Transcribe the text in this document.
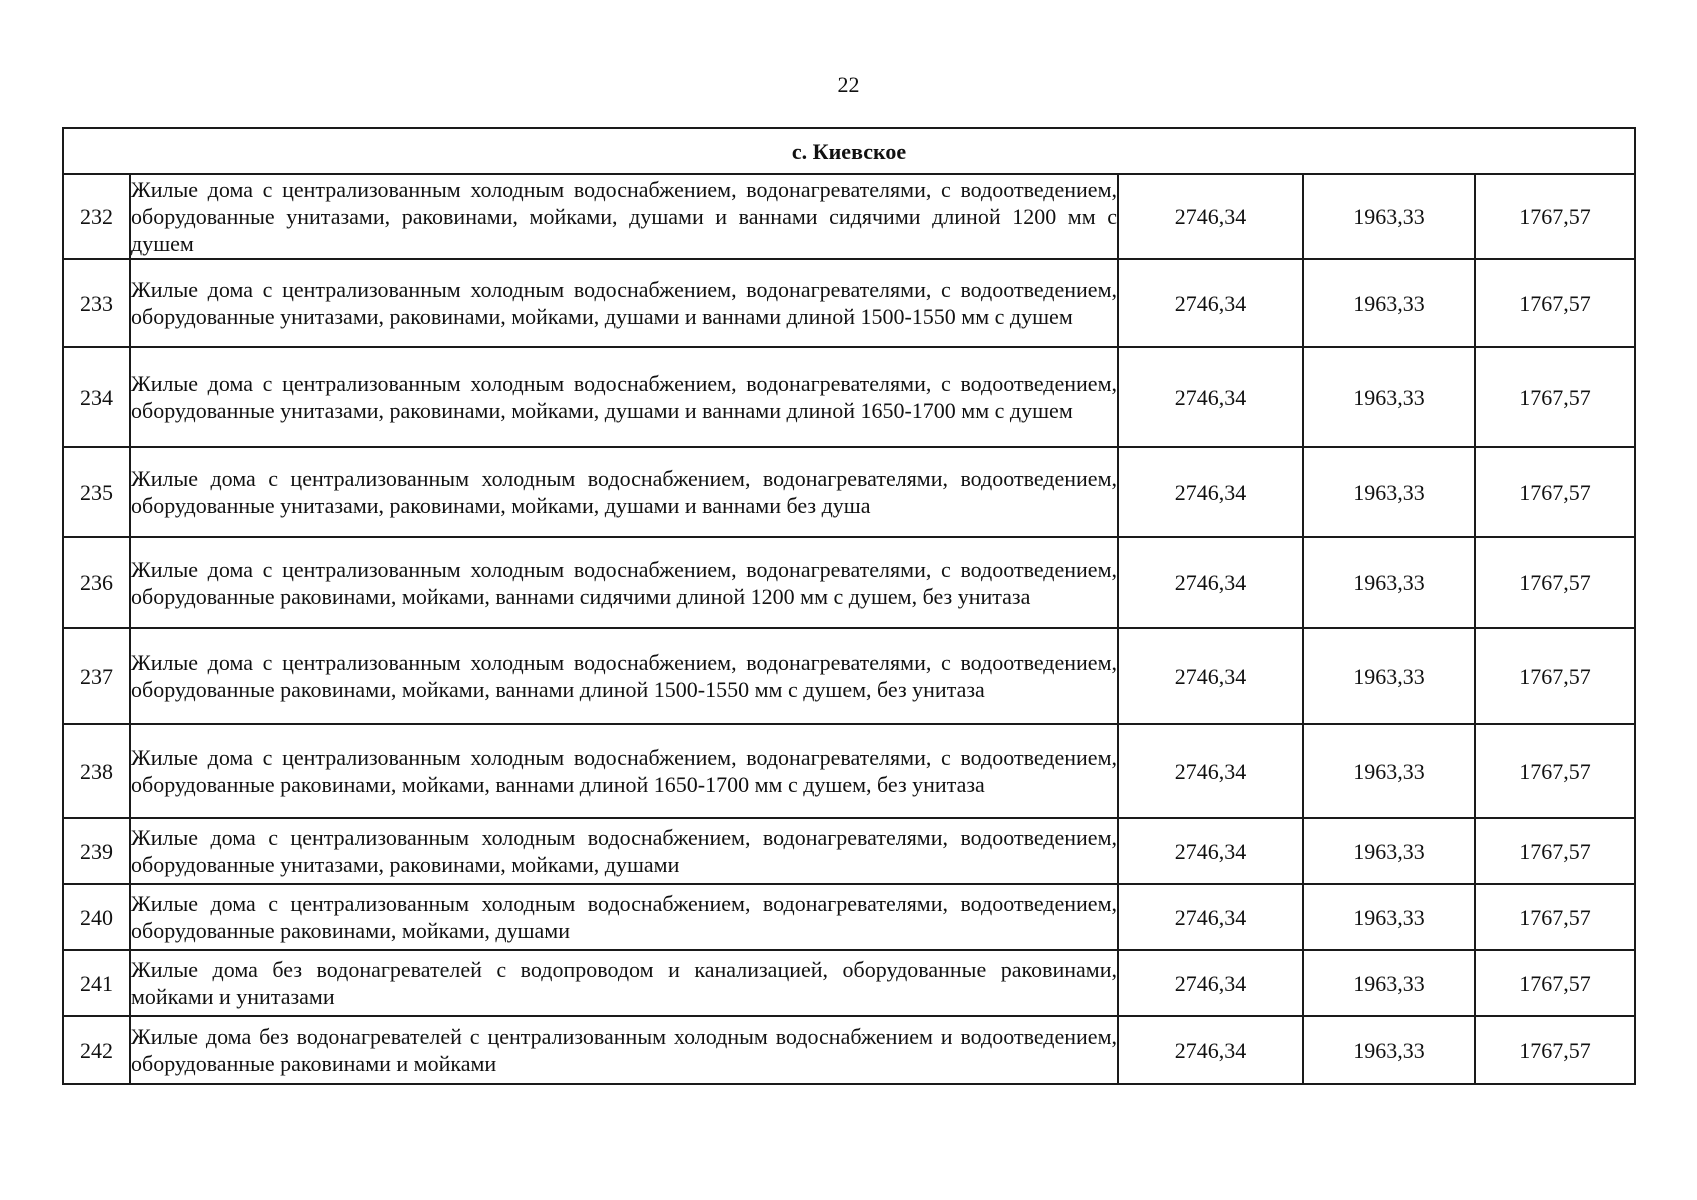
22
с. Киевское				
232	Жилые дома с централизованным холодным водоснабжением, водонагревателями, с водоотведением, оборудованные унитазами, раковинами, мойками, душами и ваннами сидячими длиной 1200 мм с душем	2746,34	1963,33	1767,57
233	Жилые дома с централизованным холодным водоснабжением, водонагревателями, с водоотведением, оборудованные унитазами, раковинами, мойками, душами и ваннами длиной 1500-1550 мм с душем	2746,34	1963,33	1767,57
234	Жилые дома с централизованным холодным водоснабжением, водонагревателями, с водоотведением, оборудованные унитазами, раковинами, мойками, душами и ваннами длиной 1650-1700 мм с душем	2746,34	1963,33	1767,57
235	Жилые дома с централизованным холодным водоснабжением, водонагревателями, водоотведением, оборудованные унитазами, раковинами, мойками, душами и ваннами без душа	2746,34	1963,33	1767,57
236	Жилые дома с централизованным холодным водоснабжением, водонагревателями, с водоотведением, оборудованные раковинами, мойками, ваннами сидячими длиной 1200 мм с душем, без унитаза	2746,34	1963,33	1767,57
237	Жилые дома с централизованным холодным водоснабжением, водонагревателями, с водоотведением, оборудованные раковинами, мойками, ваннами длиной 1500-1550 мм с душем, без унитаза	2746,34	1963,33	1767,57
238	Жилые дома с централизованным холодным водоснабжением, водонагревателями, с водоотведением, оборудованные раковинами, мойками, ваннами длиной 1650-1700 мм с душем, без унитаза	2746,34	1963,33	1767,57
239	Жилые дома с централизованным холодным водоснабжением, водонагревателями, водоотведением, оборудованные унитазами, раковинами, мойками, душами	2746,34	1963,33	1767,57
240	Жилые дома с централизованным холодным водоснабжением, водонагревателями, водоотведением, оборудованные раковинами, мойками, душами	2746,34	1963,33	1767,57
241	Жилые дома без водонагревателей с водопроводом и канализацией, оборудованные раковинами, мойками и унитазами	2746,34	1963,33	1767,57
242	Жилые дома без водонагревателей с централизованным холодным водоснабжением и водоотведением, оборудованные раковинами и мойками	2746,34	1963,33	1767,57
